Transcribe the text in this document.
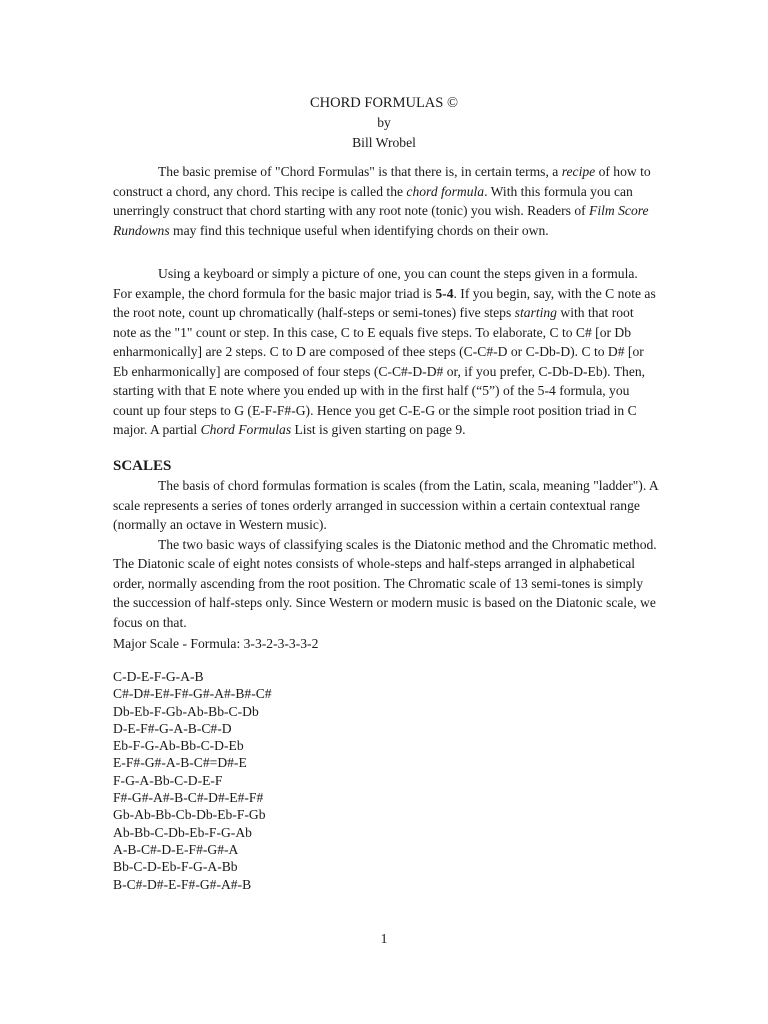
CHORD FORMULAS ©
by
Bill Wrobel

The basic premise of "Chord Formulas" is that there is, in certain terms, a recipe of how to construct a chord, any chord. This recipe is called the chord formula. With this formula you can unerringly construct that chord starting with any root note (tonic) you wish. Readers of Film Score Rundowns may find this technique useful when identifying chords on their own.

Using a keyboard or simply a picture of one, you can count the steps given in a formula. For example, the chord formula for the basic major triad is 5-4. If you begin, say, with the C note as the root note, count up chromatically (half-steps or semi-tones) five steps starting with that root note as the "1" count or step. In this case, C to E equals five steps. To elaborate, C to C# [or Db enharmonically] are 2 steps. C to D are composed of thee steps (C-C#-D or C-Db-D). C to D# [or Eb enharmonically] are composed of four steps (C-C#-D-D# or, if you prefer, C-Db-D-Eb). Then, starting with that E note where you ended up with in the first half (“5”) of the 5-4 formula, you count up four steps to G (E-F-F#-G). Hence you get C-E-G or the simple root position triad in C major. A partial Chord Formulas List is given starting on page 9.

SCALES

The basis of chord formulas formation is scales (from the Latin, scala, meaning "ladder"). A scale represents a series of tones orderly arranged in succession within a certain contextual range (normally an octave in Western music).

The two basic ways of classifying scales is the Diatonic method and the Chromatic method. The Diatonic scale of eight notes consists of whole-steps and half-steps arranged in alphabetical order, normally ascending from the root position. The Chromatic scale of 13 semi-tones is simply the succession of half-steps only. Since Western or modern music is based on the Diatonic scale, we focus on that.

Major Scale - Formula: 3-3-2-3-3-3-2

C-D-E-F-G-A-B
C#-D#-E#-F#-G#-A#-B#-C#
Db-Eb-F-Gb-Ab-Bb-C-Db
D-E-F#-G-A-B-C#-D
Eb-F-G-Ab-Bb-C-D-Eb
E-F#-G#-A-B-C#=D#-E
F-G-A-Bb-C-D-E-F
F#-G#-A#-B-C#-D#-E#-F#
Gb-Ab-Bb-Cb-Db-Eb-F-Gb
Ab-Bb-C-Db-Eb-F-G-Ab
A-B-C#-D-E-F#-G#-A
Bb-C-D-Eb-F-G-A-Bb
B-C#-D#-E-F#-G#-A#-B
1
